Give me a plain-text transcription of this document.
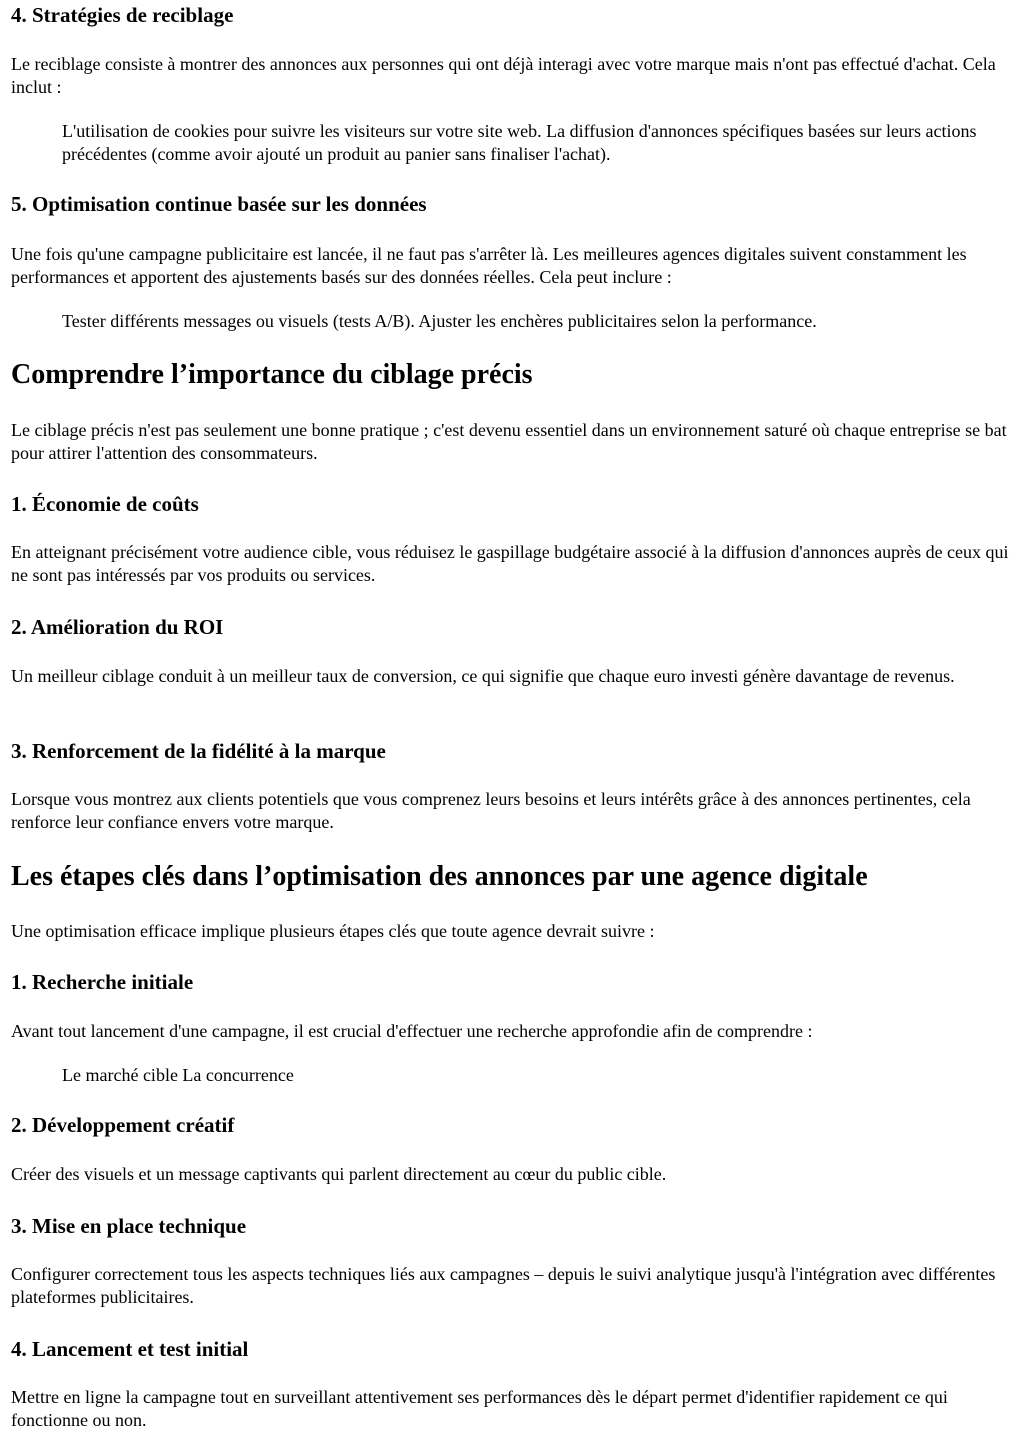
4. Stratégies de reciblage

Le reciblage consiste à montrer des annonces aux personnes qui ont déjà interagi avec votre marque mais n'ont pas effectué d'achat. Cela inclut :

L'utilisation de cookies pour suivre les visiteurs sur votre site web. La diffusion d'annonces spécifiques basées sur leurs actions précédentes (comme avoir ajouté un produit au panier sans finaliser l'achat).
5. Optimisation continue basée sur les données

Une fois qu'une campagne publicitaire est lancée, il ne faut pas s'arrêter là. Les meilleures agences digitales suivent constamment les performances et apportent des ajustements basés sur des données réelles. Cela peut inclure :

Tester différents messages ou visuels (tests A/B). Ajuster les enchères publicitaires selon la performance.
Comprendre l’importance du ciblage précis

Le ciblage précis n'est pas seulement une bonne pratique ; c'est devenu essentiel dans un environnement saturé où chaque entreprise se bat pour attirer l'attention des consommateurs.

1. Économie de coûts

En atteignant précisément votre audience cible, vous réduisez le gaspillage budgétaire associé à la diffusion d'annonces auprès de ceux qui ne sont pas intéressés par vos produits ou services.

2. Amélioration du ROI

Un meilleur ciblage conduit à un meilleur taux de conversion, ce qui signifie que chaque euro investi génère davantage de revenus.

3. Renforcement de la fidélité à la marque

Lorsque vous montrez aux clients potentiels que vous comprenez leurs besoins et leurs intérêts grâce à des annonces pertinentes, cela renforce leur confiance envers votre marque.

Les étapes clés dans l’optimisation des annonces par une agence digitale

Une optimisation efficace implique plusieurs étapes clés que toute agence devrait suivre :

1. Recherche initiale

Avant tout lancement d'une campagne, il est crucial d'effectuer une recherche approfondie afin de comprendre :

Le marché cible La concurrence
2. Développement créatif

Créer des visuels et un message captivants qui parlent directement au cœur du public cible.

3. Mise en place technique

Configurer correctement tous les aspects techniques liés aux campagnes – depuis le suivi analytique jusqu'à l'intégration avec différentes plateformes publicitaires.

4. Lancement et test initial

Mettre en ligne la campagne tout en surveillant attentivement ses performances dès le départ permet d'identifier rapidement ce qui fonctionne ou non.
